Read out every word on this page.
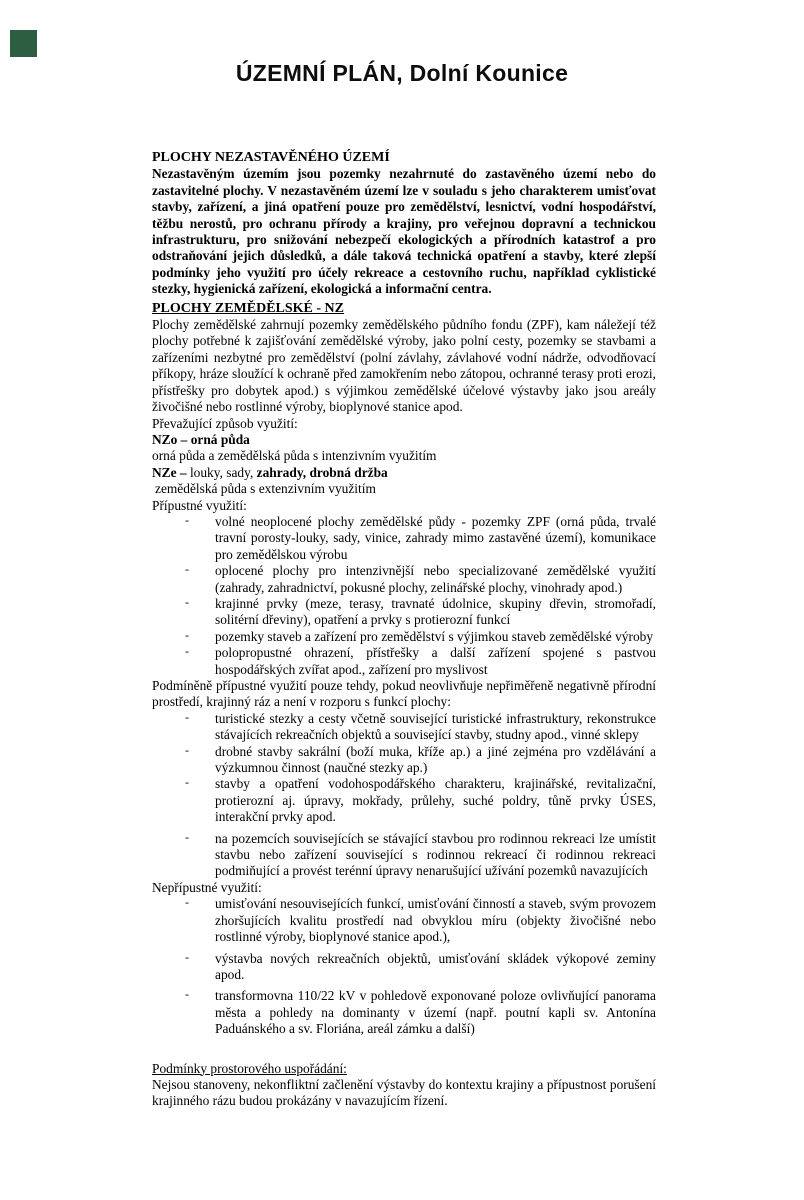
ÚZEMNÍ PLÁN, Dolní Kounice

PLOCHY NEZASTAVĚNÉHO ÚZEMÍ

Nezastavěným územím jsou pozemky nezahrnuté do zastavěného území nebo do zastavitelné plochy. V nezastavěném území lze v souladu s jeho charakterem umisťovat stavby, zařízení, a jiná opatření pouze pro zemědělství, lesnictví, vodní hospodářství, těžbu nerostů, pro ochranu přírody a krajiny, pro veřejnou dopravní a technickou infrastrukturu, pro snižování nebezpečí ekologických a přírodních katastrof a pro odstraňování jejich důsledků, a dále taková technická opatření a stavby, které zlepší podmínky jeho využití pro účely rekreace a cestovního ruchu, například cyklistické stezky, hygienická zařízení, ekologická a informační centra.

PLOCHY ZEMĚDĚLSKÉ - NZ

Plochy zemědělské zahrnují pozemky zemědělského půdního fondu (ZPF), kam náležejí též plochy potřebné k zajišťování zemědělské výroby, jako polní cesty, pozemky se stavbami a zařízeními nezbytné pro zemědělství (polní závlahy, závlahové vodní nádrže, odvodňovací příkopy, hráze sloužící k ochraně před zamokřením nebo zátopou, ochranné terasy proti erozi, přístřešky pro dobytek apod.) s výjimkou zemědělské účelové výstavby jako jsou areály živočišné nebo rostlinné výroby, bioplynové stanice apod.

Převažující způsob využití:

NZo – orná půda

orná půda a zemědělská půda s intenzivním využitím

NZe – louky, sady, zahrady, drobná držba

zemědělská půda s extenzivním využitím

Přípustné využití:

-	volné neoplocené plochy zemědělské půdy - pozemky ZPF (orná půda, trvalé travní porosty-louky, sady, vinice, zahrady mimo zastavěné území), komunikace pro zemědělskou výrobu
-	oplocené plochy pro intenzivnější nebo specializované zemědělské využití (zahrady, zahradnictví, pokusné plochy, zelinářské plochy, vinohrady apod.)
-	krajinné prvky (meze, terasy, travnaté údolnice, skupiny dřevin, stromořadí, solitérní dřeviny), opatření a prvky s protierozní funkcí
-	pozemky staveb a zařízení pro zemědělství s výjimkou staveb zemědělské výroby
-	polopropustné ohrazení, přístřešky a další zařízení spojené s pastvou hospodářských zvířat apod., zařízení pro myslivost

Podmíněně přípustné využití pouze tehdy, pokud neovlivňuje nepřiměřeně negativně přírodní prostředí, krajinný ráz a není v rozporu s funkcí plochy:

-	turistické stezky a cesty včetně související turistické infrastruktury, rekonstrukce stávajících rekreačních objektů a související stavby, studny apod., vinné sklepy
-	drobné stavby sakrální (boží muka, kříže ap.) a jiné zejména pro vzdělávání a výzkumnou činnost (naučné stezky ap.)
-	stavby a opatření vodohospodářského charakteru, krajinářské, revitalizační, protierozní aj. úpravy, mokřady, průlehy, suché poldry, tůně prvky ÚSES, interakční prvky apod.
-	na pozemcích souvisejících se stávající stavbou pro rodinnou rekreaci lze umístit stavbu nebo zařízení související s rodinnou rekreací či rodinnou rekreaci podmiňující a provést terénní úpravy nenarušující užívání pozemků navazujících

Nepřípustné využití:

-	umisťování nesouvisejících funkcí, umisťování činností a staveb, svým provozem zhoršujících kvalitu prostředí nad obvyklou míru (objekty živočišné nebo rostlinné výroby, bioplynové stanice apod.),
-	výstavba nových rekreačních objektů, umisťování skládek výkopové zeminy apod.
-	transformovna 110/22 kV v pohledově exponované poloze ovlivňující panorama města a pohledy na dominanty v území (např. poutní kapli sv. Antonína Paduánského a sv. Floriána, areál zámku a další)

Podmínky prostorového uspořádání:

Nejsou stanoveny, nekonfliktní začlenění výstavby do kontextu krajiny a přípustnost porušení krajinného rázu budou prokázány v navazujícím řízení.
